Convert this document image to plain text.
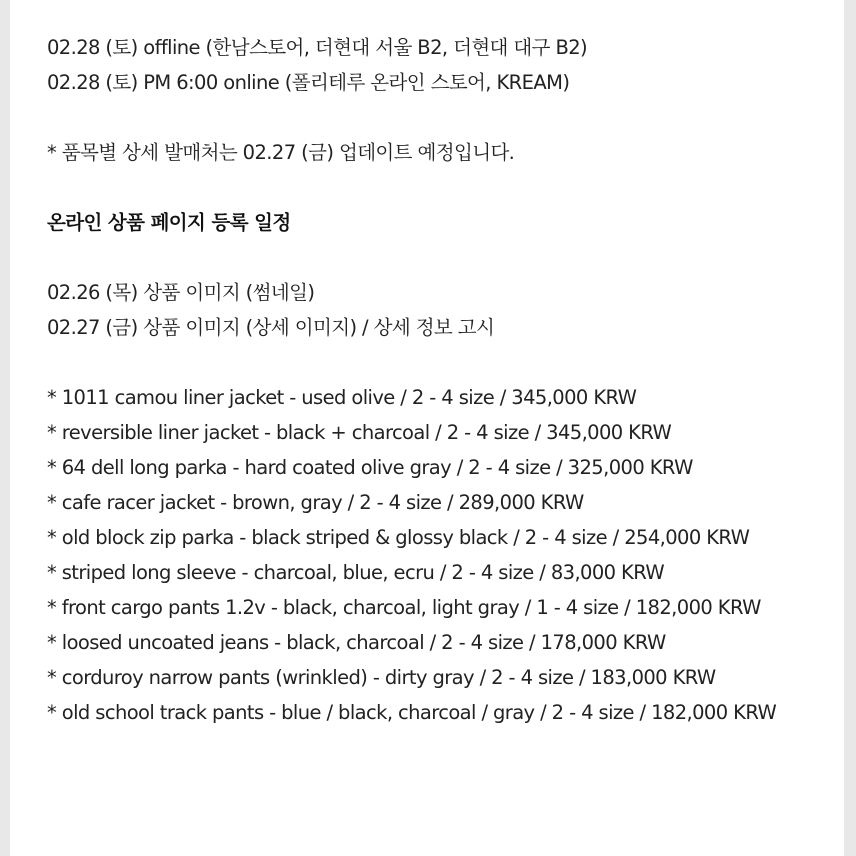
02.28 (토) offline (한남스토어, 더현대 서울 B2, 더현대 대구 B2)
02.28 (토) PM 6:00 online (폴리테루 온라인 스토어, KREAM)
* 품목별 상세 발매처는 02.27 (금) 업데이트 예정입니다.
온라인 상품 페이지 등록 일정
02.26 (목) 상품 이미지 (썸네일)
02.27 (금) 상품 이미지 (상세 이미지) / 상세 정보 고시
* 1011 camou liner jacket - used olive / 2 - 4 size / 345,000 KRW
* reversible liner jacket - black + charcoal / 2 - 4 size / 345,000 KRW
* 64 dell long parka - hard coated olive gray / 2 - 4 size / 325,000 KRW
* cafe racer jacket - brown, gray / 2 - 4 size / 289,000 KRW
* old block zip parka - black striped & glossy black / 2 - 4 size / 254,000 KRW
* striped long sleeve - charcoal, blue, ecru / 2 - 4 size / 83,000 KRW
* front cargo pants 1.2v - black, charcoal, light gray / 1 - 4 size / 182,000 KRW
* loosed uncoated jeans - black, charcoal / 2 - 4 size / 178,000 KRW
* corduroy narrow pants (wrinkled) - dirty gray / 2 - 4 size / 183,000 KRW
* old school track pants - blue / black, charcoal / gray / 2 - 4 size / 182,000 KRW
